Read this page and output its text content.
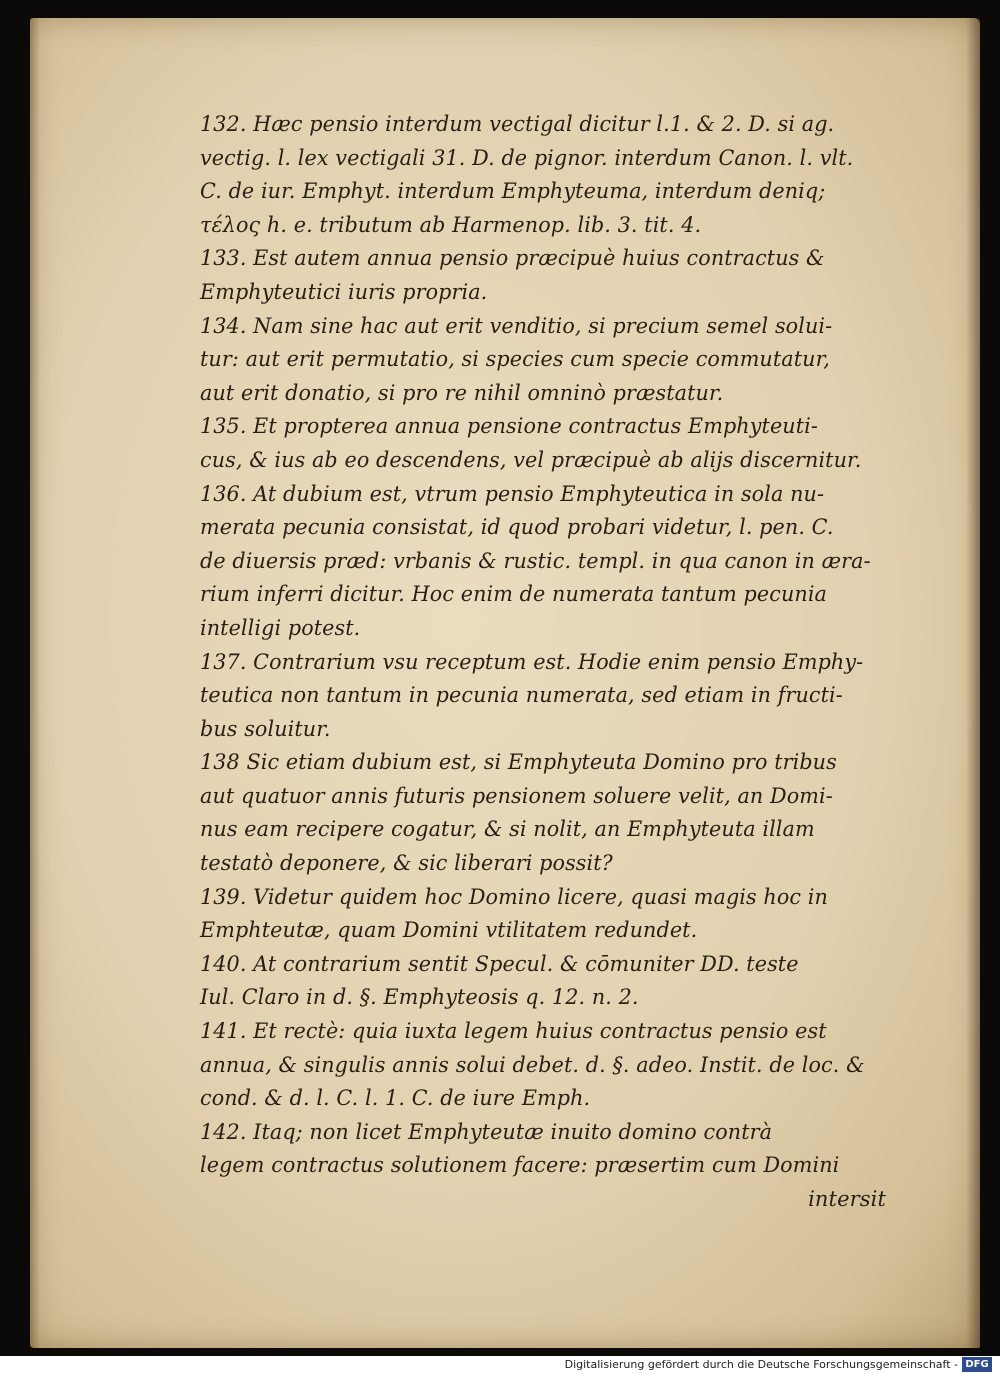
132. Hæc pensio interdum vectigal dicitur l.1. & 2. D. si ag.
vectig. l. lex vectigali 31. D. de pignor. interdum Canon. l. vlt.
C. de iur. Emphyt. interdum Emphyteuma, interdum deniq;
τέλος h. e. tributum ab Harmenop. lib. 3. tit. 4.
133. Est autem annua pensio præcipuè huius contractus &
Emphyteutici iuris propria.
134. Nam sine hac aut erit venditio, si precium semel solui-
tur: aut erit permutatio, si species cum specie commutatur,
aut erit donatio, si pro re nihil omninò præstatur.
135. Et propterea annua pensione contractus Emphyteuti-
cus, & ius ab eo descendens, vel præcipuè ab alijs discernitur.
136. At dubium est, vtrum pensio Emphyteutica in sola nu-
merata pecunia consistat, id quod probari videtur, l. pen. C.
de diuersis præd: vrbanis & rustic. templ. in qua canon in æra-
rium inferri dicitur. Hoc enim de numerata tantum pecunia
intelligi potest.
137. Contrarium vsu receptum est. Hodie enim pensio Emphy-
teutica non tantum in pecunia numerata, sed etiam in fructi-
bus soluitur.
138 Sic etiam dubium est, si Emphyteuta Domino pro tribus
aut quatuor annis futuris pensionem soluere velit, an Domi-
nus eam recipere cogatur, & si nolit, an Emphyteuta illam
testatò deponere, & sic liberari possit?
139. Videtur quidem hoc Domino licere, quasi magis hoc in
Emphteutæ, quam Domini vtilitatem redundet.
140. At contrarium sentit Specul. & cōmuniter DD. teste
Iul. Claro in d. §. Emphyteosis q. 12. n. 2.
141. Et rectè: quia iuxta legem huius contractus pensio est
annua, & singulis annis solui debet. d. §. adeo. Instit. de loc. &
cond. & d. l. C. l. 1. C. de iure Emph.
142. Itaq; non licet Emphyteutæ inuito domino contrà
legem contractus solutionem facere: præsertim cum Domini
intersit
Digitalisierung gefördert durch die Deutsche Forschungsgemeinschaft - DFG
